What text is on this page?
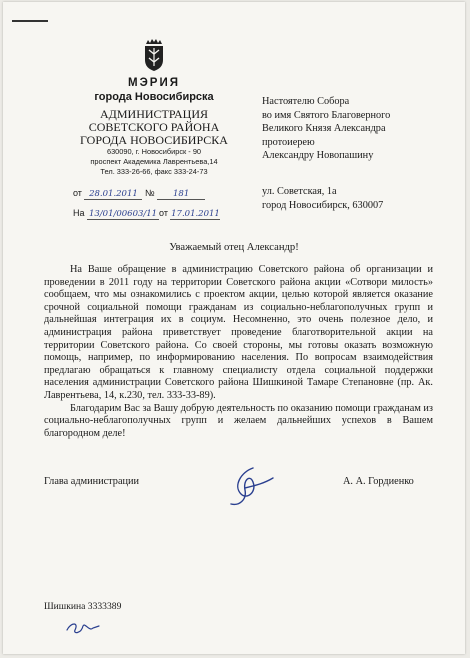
МЭРИЯ
города Новосибирска
АДМИНИСТРАЦИЯ
СОВЕТСКОГО РАЙОНА
ГОРОДА НОВОСИБИРСКА
630090, г. Новосибирск - 90
проспект Академика Лаврентьева,14
Тел. 333-26-66, факс 333-24-73
от 28.01.2011 № 181
На 13/01/00603/11 от 17.01.2011
Настоятелю Собора
во имя Святого Благоверного
Великого Князя Александра
протоиерею
Александру Новопашину
ул. Советская, 1а
город Новосибирск, 630007
Уважаемый отец Александр!

На Ваше обращение в администрацию Советского района об организации и проведении в 2011 году на территории Советского района акции «Сотвори милость» сообщаем, что мы ознакомились с проектом акции, целью которой является оказание срочной социальной помощи гражданам из социально-неблагополучных групп и дальнейшая интеграция их в социум. Несомненно, это очень полезное дело, и администрация района приветствует проведение благотворительной акции на территории Советского района. Со своей стороны, мы готовы оказать возможную помощь, например, по информированию населения. По вопросам взаимодействия предлагаю обращаться к главному специалисту отдела социальной поддержки населения администрации Советского района Шишкиной Тамаре Степановне (пр. Ак. Лаврентьева, 14, к.230, тел. 333-33-89).

Благодарим Вас за Вашу добрую деятельность по оказанию помощи гражданам из социально-неблагополучных групп и желаем дальнейших успехов в Вашем благородном деле!

Глава администрации	А. А. Гордиенко
Шишкина 3333389
